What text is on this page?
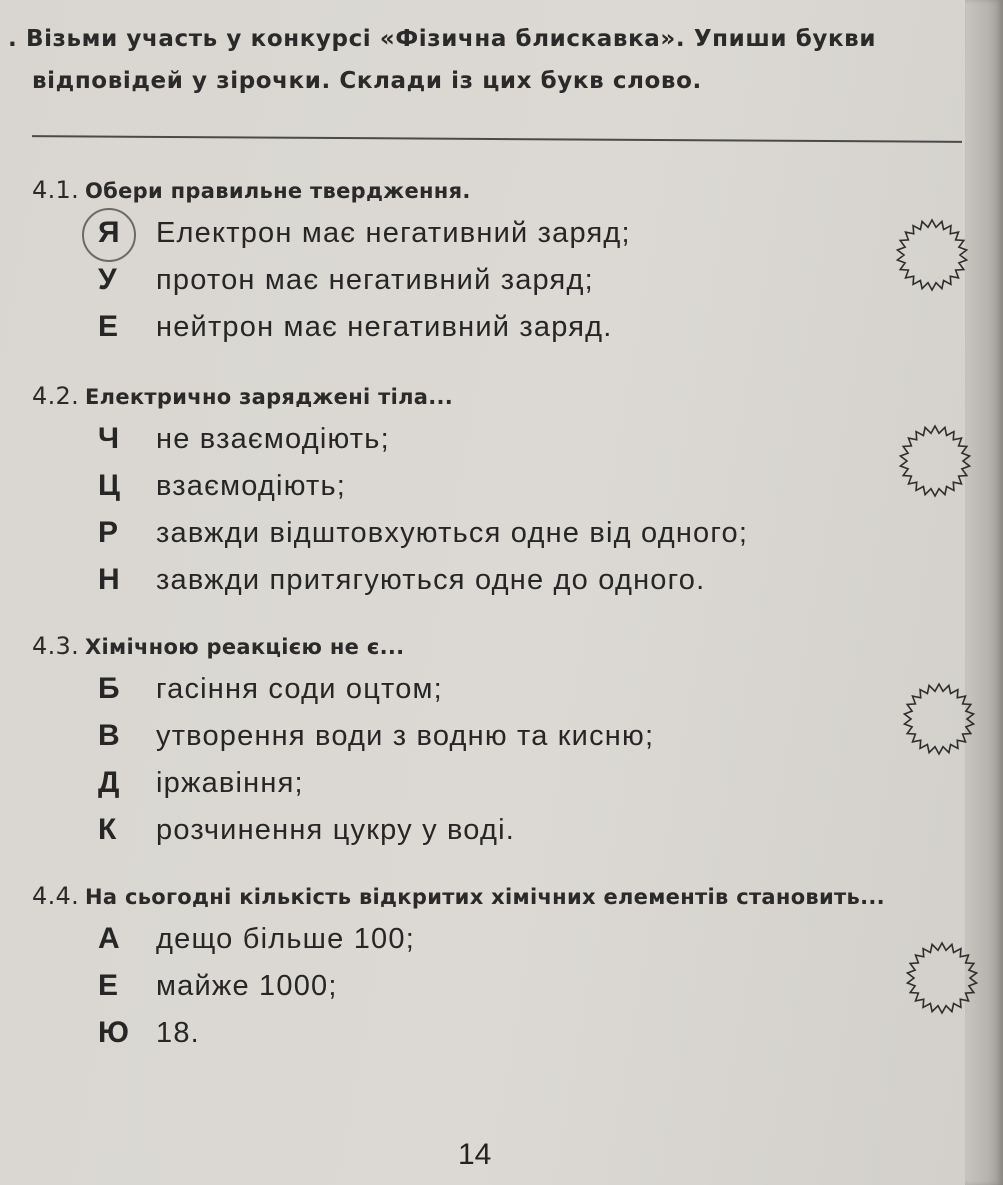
. Візьми участь у конкурсі «Фізична блискавка». Упиши букви
відповідей у зірочки. Склади із цих букв слово.
4.1. Обери правильне твердження.
Я	Електрон має негативний заряд;
У	протон має негативний заряд;
Е	нейтрон має негативний заряд.
4.2. Електрично заряджені тіла...
Ч	не взаємодіють;
Ц	взаємодіють;
Р	завжди відштовхуються одне від одного;
Н	завжди притягуються одне до одного.
4.3. Хімічною реакцією не є...
Б	гасіння соди оцтом;
В	утворення води з водню та кисню;
Д	іржавіння;
К	розчинення цукру у воді.
4.4. На сьогодні кількість відкритих хімічних елементів становить...
А	дещо більше 100;
Е	майже 1000;
Ю 18.
14
